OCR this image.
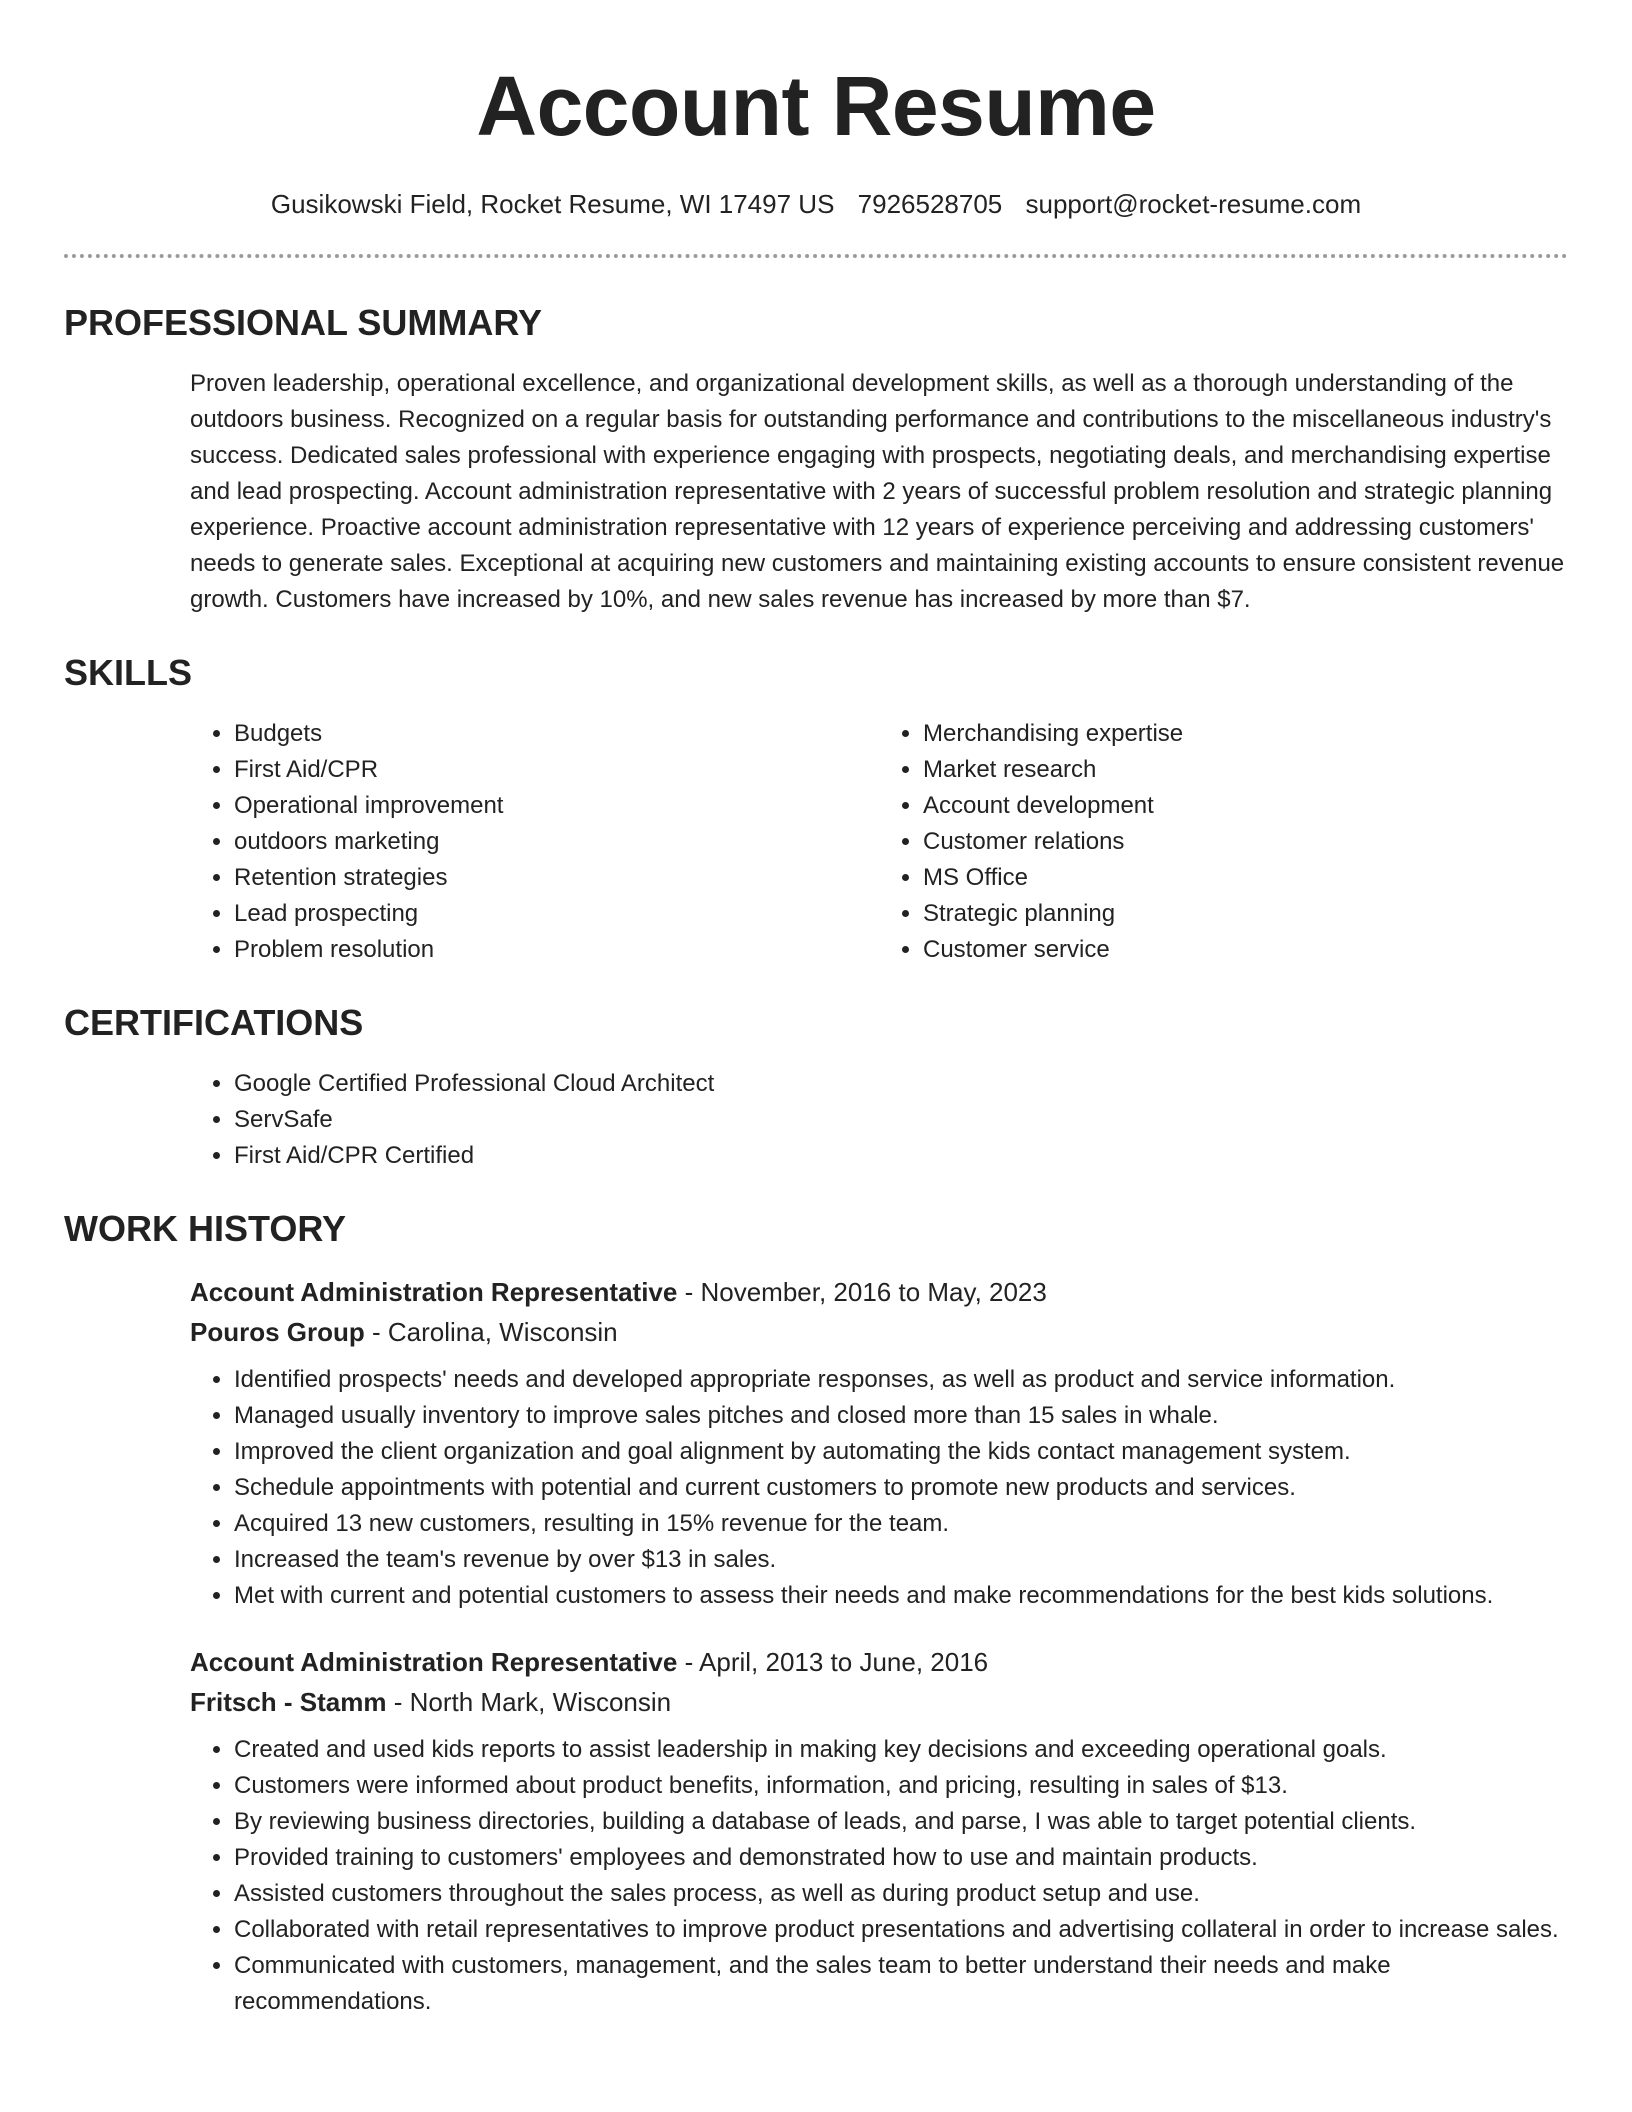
Account Resume
Gusikowski Field, Rocket Resume, WI 17497 US 7926528705 support@rocket-resume.com
PROFESSIONAL SUMMARY

Proven leadership, operational excellence, and organizational development skills, as well as a thorough understanding of the outdoors business. Recognized on a regular basis for outstanding performance and contributions to the miscellaneous industry's success. Dedicated sales professional with experience engaging with prospects, negotiating deals, and merchandising expertise and lead prospecting. Account administration representative with 2 years of successful problem resolution and strategic planning experience. Proactive account administration representative with 12 years of experience perceiving and addressing customers' needs to generate sales. Exceptional at acquiring new customers and maintaining existing accounts to ensure consistent revenue growth. Customers have increased by 10%, and new sales revenue has increased by more than $7.

SKILLS
• Budgets
• First Aid/CPR
• Operational improvement
• outdoors marketing
• Retention strategies
• Lead prospecting
• Problem resolution
• Merchandising expertise
• Market research
• Account development
• Customer relations
• MS Office
• Strategic planning
• Customer service
CERTIFICATIONS
• Google Certified Professional Cloud Architect
• ServSafe
• First Aid/CPR Certified
WORK HISTORY
Account Administration Representative - November, 2016 to May, 2023
Pouros Group - Carolina, Wisconsin
• Identified prospects' needs and developed appropriate responses, as well as product and service information.
• Managed usually inventory to improve sales pitches and closed more than 15 sales in whale.
• Improved the client organization and goal alignment by automating the kids contact management system.
• Schedule appointments with potential and current customers to promote new products and services.
• Acquired 13 new customers, resulting in 15% revenue for the team.
• Increased the team's revenue by over $13 in sales.
• Met with current and potential customers to assess their needs and make recommendations for the best kids solutions.
Account Administration Representative - April, 2013 to June, 2016
Fritsch - Stamm - North Mark, Wisconsin
• Created and used kids reports to assist leadership in making key decisions and exceeding operational goals.
• Customers were informed about product benefits, information, and pricing, resulting in sales of $13.
• By reviewing business directories, building a database of leads, and parse, I was able to target potential clients.
• Provided training to customers' employees and demonstrated how to use and maintain products.
• Assisted customers throughout the sales process, as well as during product setup and use.
• Collaborated with retail representatives to improve product presentations and advertising collateral in order to increase sales.
• Communicated with customers, management, and the sales team to better understand their needs and make recommendations.
